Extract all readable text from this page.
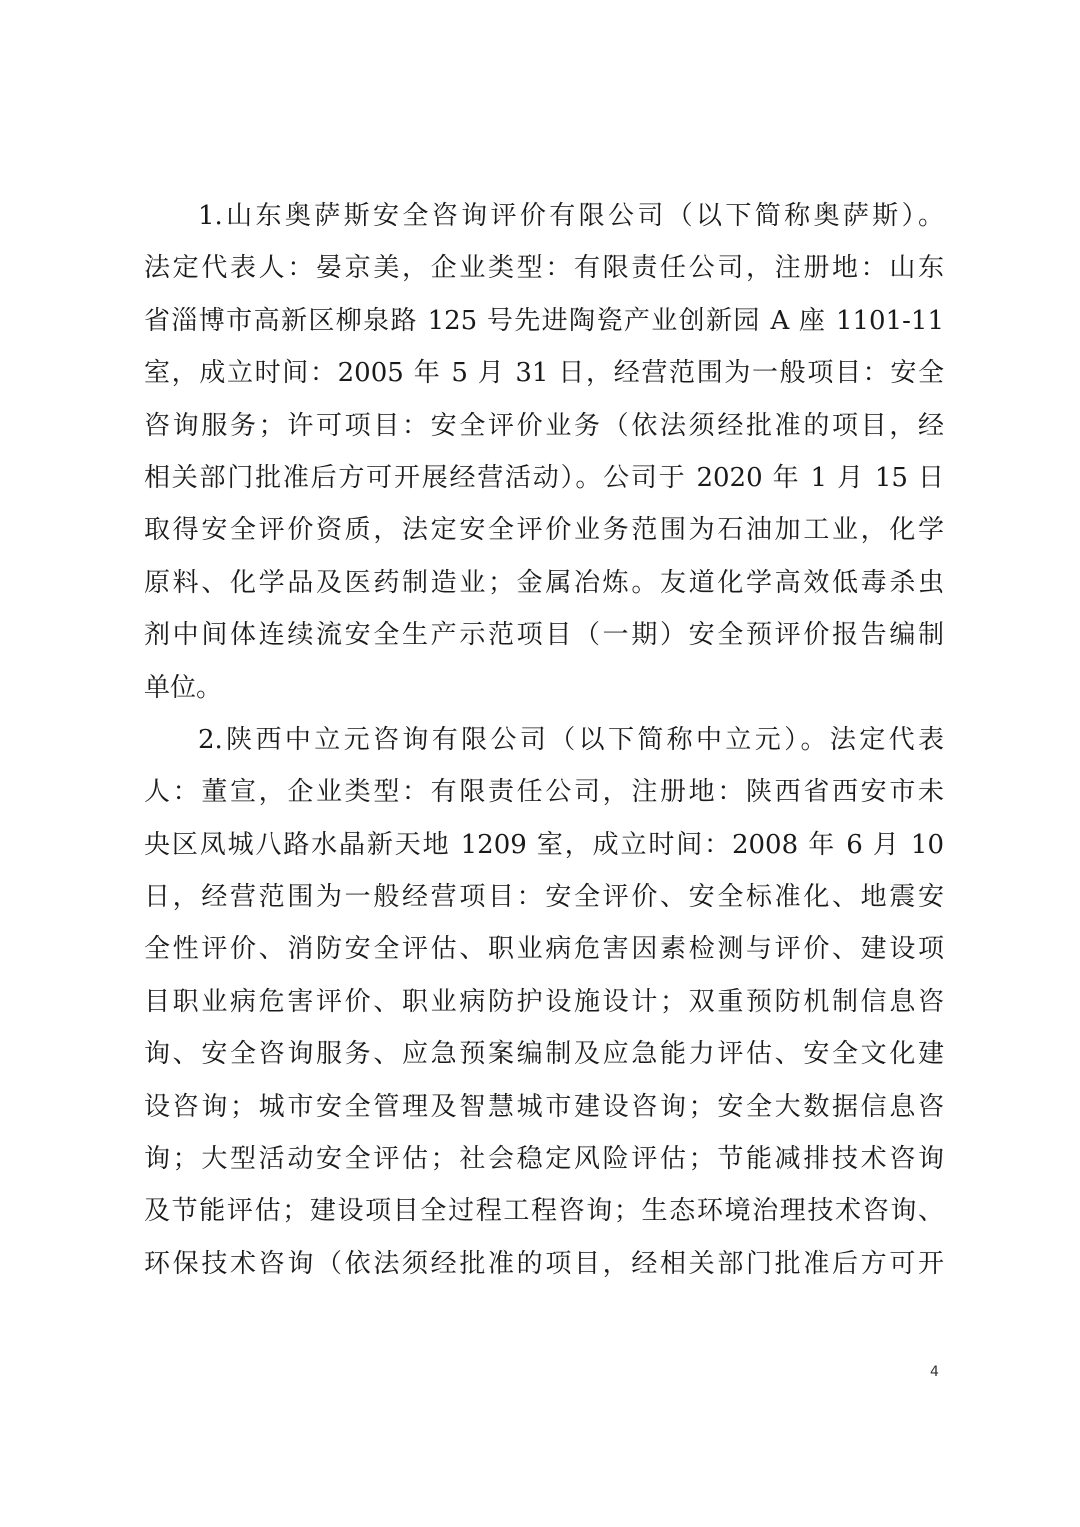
1.山东奥萨斯安全咨询评价有限公司（以下简称奥萨斯）。
法定代表人：晏京美，企业类型：有限责任公司，注册地：山东
省淄博市高新区柳泉路 125 号先进陶瓷产业创新园 A 座 1101-11
室，成立时间：2005 年 5 月 31 日，经营范围为一般项目：安全
咨询服务；许可项目：安全评价业务（依法须经批准的项目，经
相关部门批准后方可开展经营活动）。公司于 2020 年 1 月 15 日
取得安全评价资质，法定安全评价业务范围为石油加工业，化学
原料、化学品及医药制造业；金属冶炼。友道化学高效低毒杀虫
剂中间体连续流安全生产示范项目（一期）安全预评价报告编制
单位。
2.陕西中立元咨询有限公司（以下简称中立元）。法定代表
人：董宣，企业类型：有限责任公司，注册地：陕西省西安市未
央区凤城八路水晶新天地 1209 室，成立时间：2008 年 6 月 10
日，经营范围为一般经营项目：安全评价、安全标准化、地震安
全性评价、消防安全评估、职业病危害因素检测与评价、建设项
目职业病危害评价、职业病防护设施设计；双重预防机制信息咨
询、安全咨询服务、应急预案编制及应急能力评估、安全文化建
设咨询；城市安全管理及智慧城市建设咨询；安全大数据信息咨
询；大型活动安全评估；社会稳定风险评估；节能减排技术咨询
及节能评估；建设项目全过程工程咨询；生态环境治理技术咨询、
环保技术咨询（依法须经批准的项目，经相关部门批准后方可开
4
